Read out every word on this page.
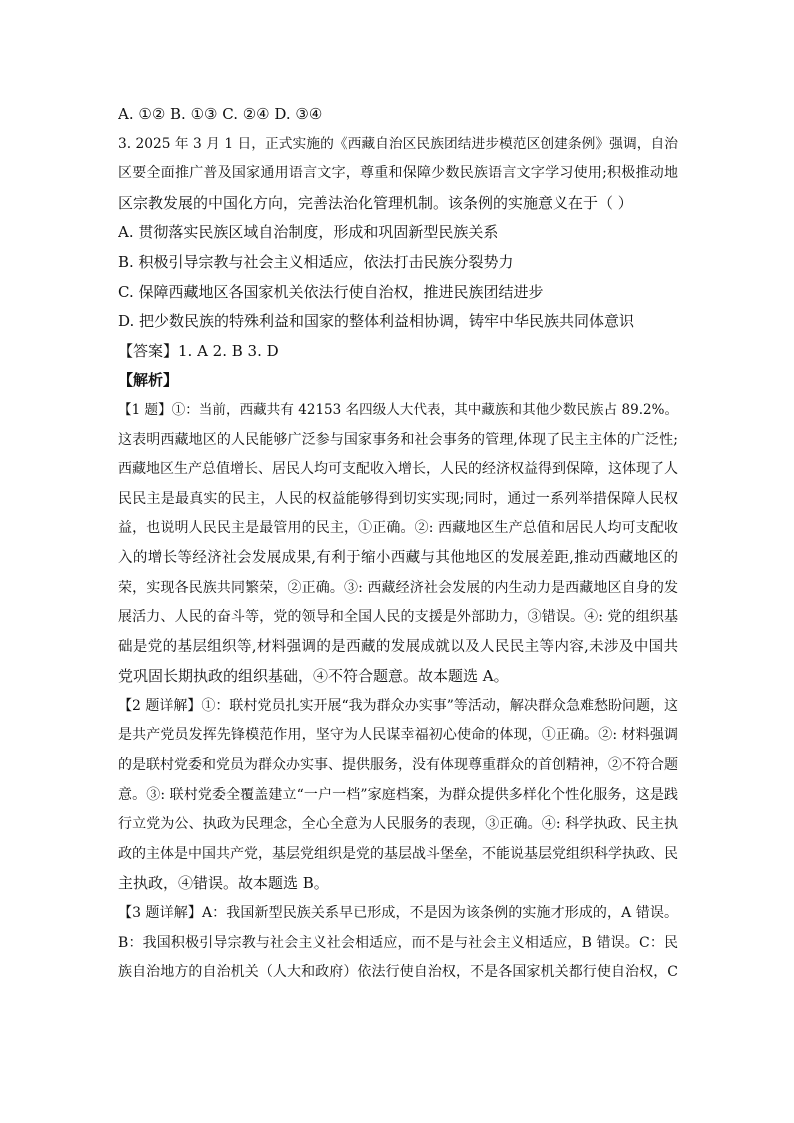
A. ①② B. ①③ C. ②④ D. ③④
3. 2025 年 3 月 1 日，正式实施的《西藏自治区民族团结进步模范区创建条例》强调，自治
区要全面推广普及国家通用语言文字，尊重和保障少数民族语言文字学习使用;积极推动地
区宗教发展的中国化方向，完善法治化管理机制。该条例的实施意义在于（ ）
A. 贯彻落实民族区域自治制度，形成和巩固新型民族关系
B. 积极引导宗教与社会主义相适应，依法打击民族分裂势力
C. 保障西藏地区各国家机关依法行使自治权，推进民族团结进步
D. 把少数民族的特殊利益和国家的整体利益相协调，铸牢中华民族共同体意识
【答案】1. A 2. B 3. D
【解析】
【1 题】①：当前，西藏共有 42153 名四级人大代表，其中藏族和其他少数民族占 89.2%。
这表明西藏地区的人民能够广泛参与国家事务和社会事务的管理,体现了民主主体的广泛性;
西藏地区生产总值增长、居民人均可支配收入增长，人民的经济权益得到保障，这体现了人
民民主是最真实的民主，人民的权益能够得到切实实现;同时，通过一系列举措保障人民权
益，也说明人民民主是最管用的民主，①正确。②: 西藏地区生产总值和居民人均可支配收
入的增长等经济社会发展成果,有利于缩小西藏与其他地区的发展差距,推动西藏地区的
荣，实现各民族共同繁荣，②正确。③: 西藏经济社会发展的内生动力是西藏地区自身的发
展活力、人民的奋斗等，党的领导和全国人民的支援是外部助力，③错误。④: 党的组织基
础是党的基层组织等,材料强调的是西藏的发展成就以及人民民主等内容,未涉及中国共
党巩固长期执政的组织基础，④不符合题意。故本题选 A。
【2 题详解】①：联村党员扎实开展“我为群众办实事”等活动，解决群众急难愁盼问题，这
是共产党员发挥先锋模范作用，坚守为人民谋幸福初心使命的体现，①正确。②: 材料强调
的是联村党委和党员为群众办实事、提供服务，没有体现尊重群众的首创精神，②不符合题
意。③: 联村党委全覆盖建立“一户一档”家庭档案，为群众提供多样化个性化服务，这是践
行立党为公、执政为民理念，全心全意为人民服务的表现，③正确。④: 科学执政、民主执
政的主体是中国共产党，基层党组织是党的基层战斗堡垒，不能说基层党组织科学执政、民
主执政，④错误。故本题选 B。
【3 题详解】A：我国新型民族关系早已形成，不是因为该条例的实施才形成的，A 错误。
B：我国积极引导宗教与社会主义社会相适应，而不是与社会主义相适应，B 错误。C：民
族自治地方的自治机关（人大和政府）依法行使自治权，不是各国家机关都行使自治权，C
